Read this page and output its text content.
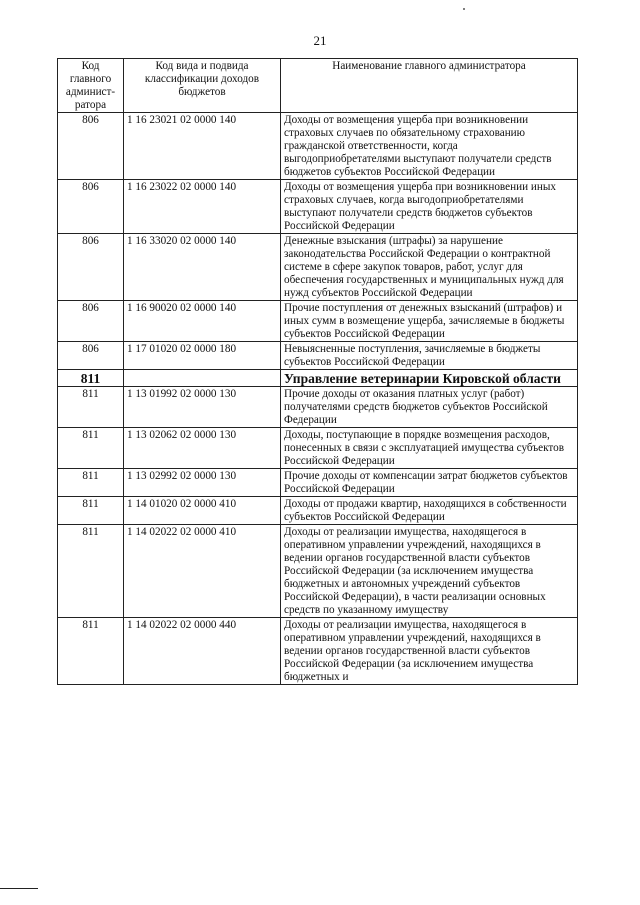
21
Код главного админист-ратора	Код вида и подвида классификации доходов бюджетов	Наименование главного администратора
806	1 16 23021 02 0000 140	Доходы от возмещения ущерба при возникновении страховых случаев по обязательному страхованию гражданской ответственности, когда выгодоприобретателями выступают получатели средств бюджетов субъектов Российской Федерации
806	1 16 23022 02 0000 140	Доходы от возмещения ущерба при возникновении иных страховых случаев, когда выгодоприобретателями выступают получатели средств бюджетов субъектов Российской Федерации
806	1 16 33020 02 0000 140	Денежные взыскания (штрафы) за нарушение законодательства Российской Федерации о контрактной системе в сфере закупок товаров, работ, услуг для обеспечения государственных и муниципальных нужд для нужд субъектов Российской Федерации
806	1 16 90020 02 0000 140	Прочие поступления от денежных взысканий (штрафов) и иных сумм в возмещение ущерба, зачисляемые в бюджеты субъектов Российской Федерации
806	1 17 01020 02 0000 180	Невыясненные поступления, зачисляемые в бюджеты субъектов Российской Федерации
811		Управление ветеринарии Кировской области
811	1 13 01992 02 0000 130	Прочие доходы от оказания платных услуг (работ) получателями средств бюджетов субъектов Российской Федерации
811	1 13 02062 02 0000 130	Доходы, поступающие в порядке возмещения расходов, понесенных в связи с эксплуатацией имущества субъектов Российской Федерации
811	1 13 02992 02 0000 130	Прочие доходы от компенсации затрат бюджетов субъектов Российской Федерации
811	1 14 01020 02 0000 410	Доходы от продажи квартир, находящихся в собственности субъектов Российской Федерации
811	1 14 02022 02 0000 410	Доходы от реализации имущества, находящегося в оперативном управлении учреждений, находящихся в ведении органов государственной власти субъектов Российской Федерации (за исключением имущества бюджетных и автономных учреждений субъектов Российской Федерации), в части реализации основных средств по указанному имуществу
811	1 14 02022 02 0000 440	Доходы от реализации имущества, находящегося в оперативном управлении учреждений, находящихся в ведении органов государственной власти субъектов Российской Федерации (за исключением имущества бюджетных и
